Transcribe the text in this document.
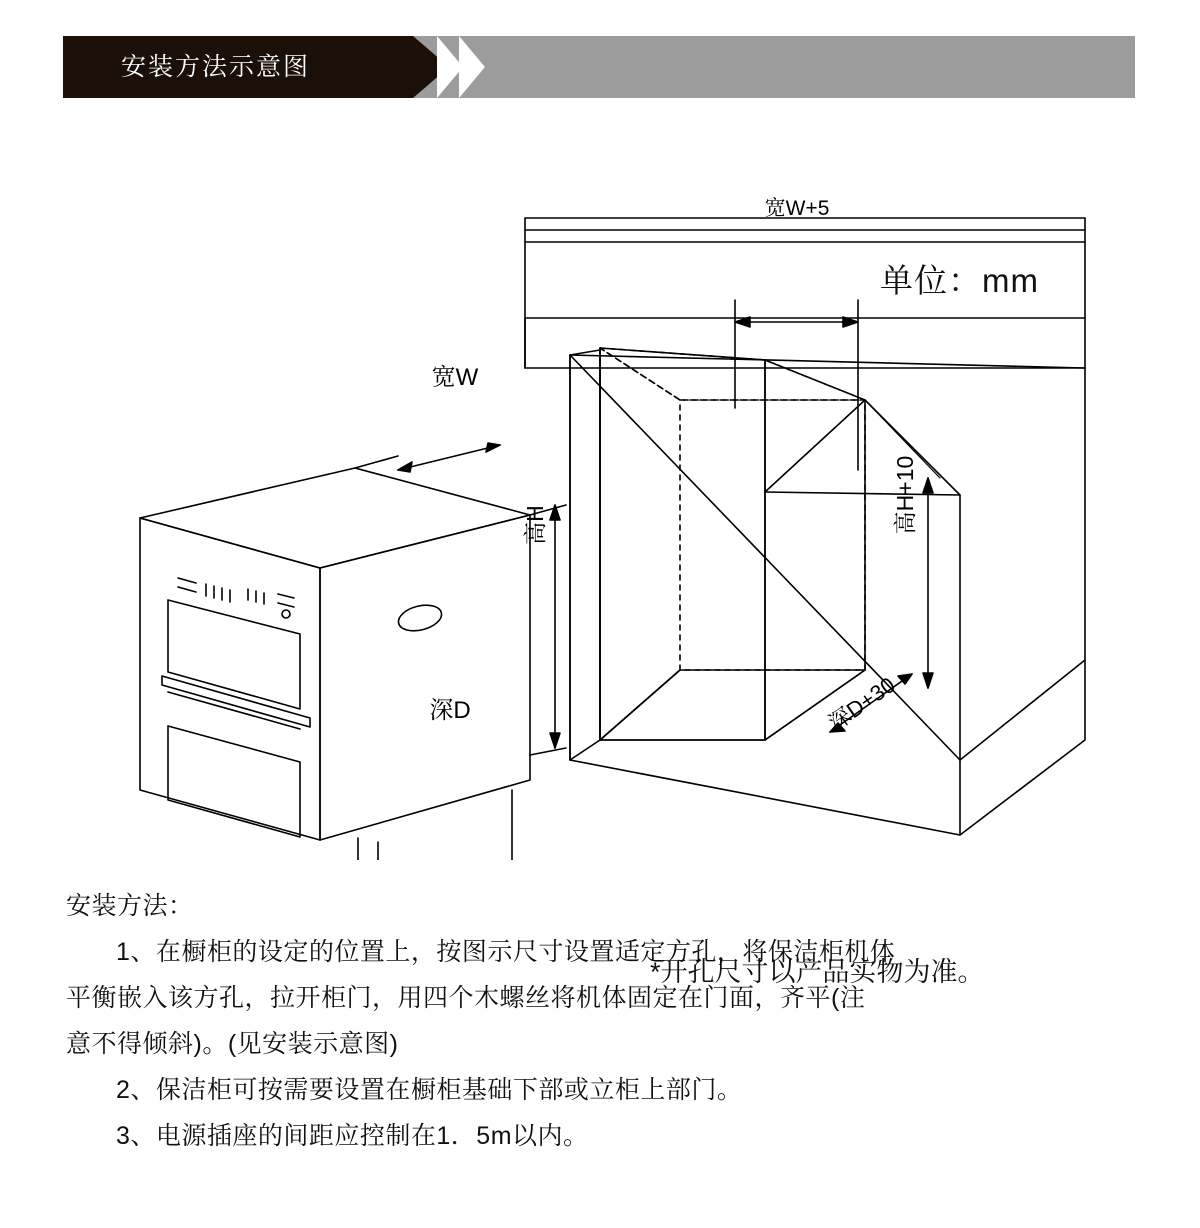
安装方法示意图
单位：mm
宽W
宽W+5
高H	高H+10
深D	深D+30
*开孔尺寸以产品实物为准。

安装方法：

1、在橱柜的设定的位置上，按图示尺寸设置适定方孔，将保洁柜机体

平衡嵌入该方孔，拉开柜门，用四个木螺丝将机体固定在门面，齐平(注

意不得倾斜)。(见安装示意图)

2、保洁柜可按需要设置在橱柜基础下部或立柜上部门。

3、电源插座的间距应控制在1．5m以内。
